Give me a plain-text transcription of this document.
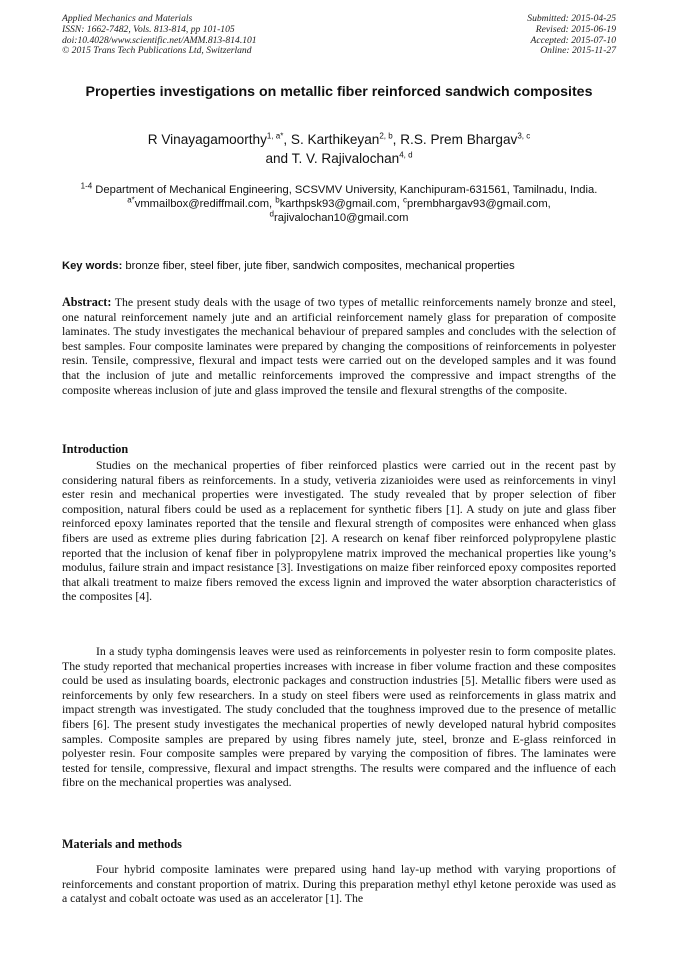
Applied Mechanics and Materials
ISSN: 1662-7482, Vols. 813-814, pp 101-105
doi:10.4028/www.scientific.net/AMM.813-814.101
© 2015 Trans Tech Publications Ltd, Switzerland
Submitted: 2015-04-25
Revised: 2015-06-19
Accepted: 2015-07-10
Online: 2015-11-27
Properties investigations on metallic fiber reinforced sandwich composites
R Vinayagamoorthy$^{1, a*}$, S. Karthikeyan$^{2, b}$, R.S. Prem Bhargav$^{3, c}$
and T. V. Rajivalochan$^{4, d}$
$^{1-4}$ Department of Mechanical Engineering, SCSVMV University, Kanchipuram-631561, Tamilnadu, India.
$^{a*}$vmmailbox@rediffmail.com, $^b$karthpsk93@gmail.com, $^c$prembhargav93@gmail.com,
$^d$rajivalochan10@gmail.com
Key words: bronze fiber, steel fiber, jute fiber, sandwich composites, mechanical properties

Abstract: The present study deals with the usage of two types of metallic reinforcements namely bronze and steel, one natural reinforcement namely jute and an artificial reinforcement namely glass for preparation of composite laminates. The study investigates the mechanical behaviour of prepared samples and concludes with the selection of best samples. Four composite laminates were prepared by changing the compositions of reinforcements in polyester resin. Tensile, compressive, flexural and impact tests were carried out on the developed samples and it was found that the inclusion of jute and metallic reinforcements improved the compressive and impact strengths of the composite whereas inclusion of jute and glass improved the tensile and flexural strengths of the composite.

Introduction

Studies on the mechanical properties of fiber reinforced plastics were carried out in the recent past by considering natural fibers as reinforcements. In a study, vetiveria zizanioides were used as reinforcements in vinyl ester resin and mechanical properties were investigated. The study revealed that by proper selection of fiber composition, natural fibers could be used as a replacement for synthetic fibers [1]. A study on jute and glass fiber reinforced epoxy laminates reported that the tensile and flexural strength of composites were enhanced when glass fibers are used as extreme plies during fabrication [2]. A research on kenaf fiber reinforced polypropylene plastic reported that the inclusion of kenaf fiber in polypropylene matrix improved the mechanical properties like young’s modulus, failure strain and impact resistance [3]. Investigations on maize fiber reinforced epoxy composites reported that alkali treatment to maize fibers removed the excess lignin and improved the water absorption characteristics of the composites [4].

In a study typha domingensis leaves were used as reinforcements in polyester resin to form composite plates. The study reported that mechanical properties increases with increase in fiber volume fraction and these composites could be used as insulating boards, electronic packages and construction industries [5]. Metallic fibers were used as reinforcements by only few researchers. In a study on steel fibers were used as reinforcements in glass matrix and impact strength was investigated. The study concluded that the toughness improved due to the presence of metallic fibers [6]. The present study investigates the mechanical properties of newly developed natural hybrid composites samples. Composite samples are prepared by using fibres namely jute, steel, bronze and E-glass reinforced in polyester resin. Four composite samples were prepared by varying the composition of fibres. The laminates were tested for tensile, compressive, flexural and impact strengths. The results were compared and the influence of each fibre on the mechanical properties was analysed.

Materials and methods

Four hybrid composite laminates were prepared using hand lay-up method with varying proportions of reinforcements and constant proportion of matrix. During this preparation methyl ethyl ketone peroxide was used as a catalyst and cobalt octoate was used as an accelerator [1]. The
